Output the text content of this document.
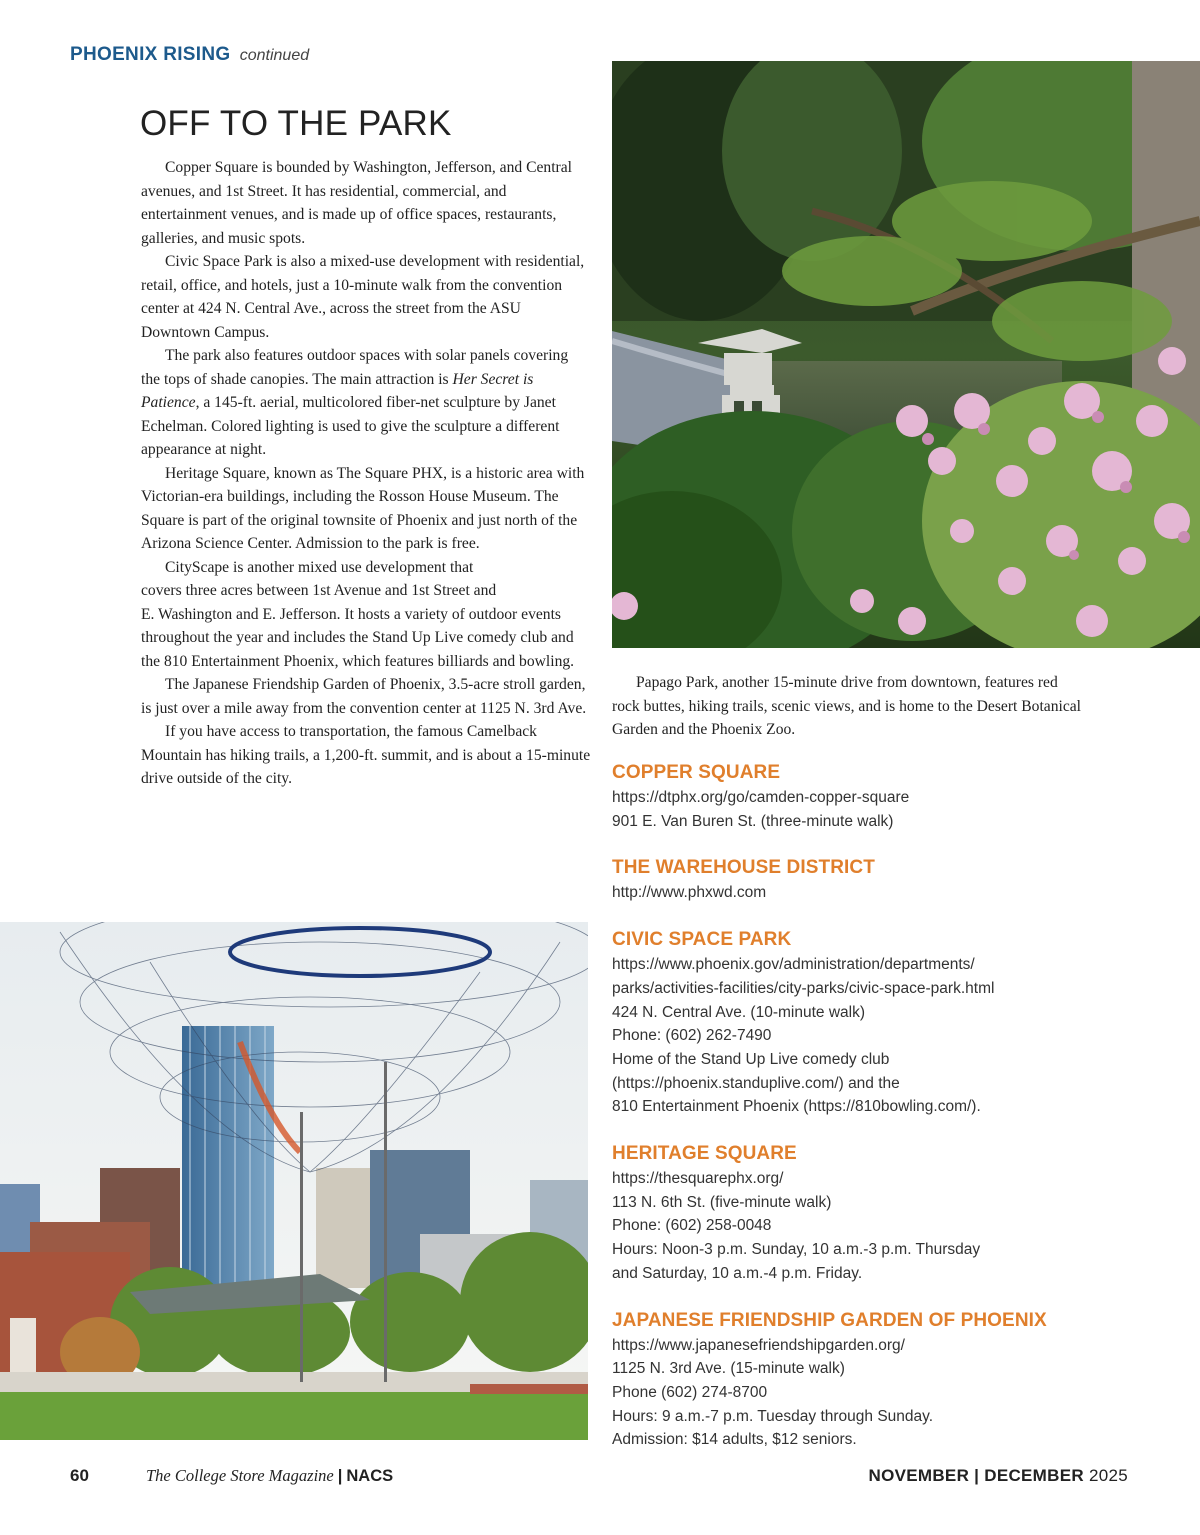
PHOENIX RISING continued
OFF TO THE PARK

Copper Square is bounded by Washington, Jefferson, and Central avenues, and 1st Street. It has residential, commercial, and entertainment venues, and is made up of office spaces, restaurants, galleries, and music spots.

Civic Space Park is also a mixed-use development with residential, retail, office, and hotels, just a 10-minute walk from the convention center at 424 N. Central Ave., across the street from the ASU Downtown Campus.

The park also features outdoor spaces with solar panels covering the tops of shade canopies. The main attraction is Her Secret is Patience, a 145-ft. aerial, multicolored fiber-net sculpture by Janet Echelman. Colored lighting is used to give the sculpture a different appearance at night.

Heritage Square, known as The Square PHX, is a historic area with Victorian-era buildings, including the Rosson House Museum. The Square is part of the original townsite of Phoenix and just north of the Arizona Science Center. Admission to the park is free.

CityScape is another mixed use development that

covers three acres between 1st Avenue and 1st Street and
E. Washington and E. Jefferson. It hosts a variety of outdoor events throughout the year and includes the Stand Up Live comedy club and the 810 Entertainment Phoenix, which features billiards and bowling.

The Japanese Friendship Garden of Phoenix, 3.5-acre stroll garden, is just over a mile away from the convention center at 1125 N. 3rd Ave.

If you have access to transportation, the famous Camelback Mountain has hiking trails, a 1,200-ft. summit, and is about a 15-minute drive outside of the city.

Papago Park, another 15-minute drive from downtown, features red rock buttes, hiking trails, scenic views, and is home to the Desert Botanical Garden and the Phoenix Zoo.

COPPER SQUARE
https://dtphx.org/go/camden-copper-square
901 E. Van Buren St. (three-minute walk)
THE WAREHOUSE DISTRICT
http://www.phxwd.com
CIVIC SPACE PARK
https://www.phoenix.gov/administration/departments/
parks/activities-facilities/city-parks/civic-space-park.html
424 N. Central Ave. (10-minute walk)
Phone: (602) 262-7490
Home of the Stand Up Live comedy club
(https://phoenix.standuplive.com/) and the
810 Entertainment Phoenix (https://810bowling.com/).
HERITAGE SQUARE
https://thesquarephx.org/
113 N. 6th St. (five-minute walk)
Phone: (602) 258-0048
Hours: Noon-3 p.m. Sunday, 10 a.m.-3 p.m. Thursday
and Saturday, 10 a.m.-4 p.m. Friday.
JAPANESE FRIENDSHIP GARDEN OF PHOENIX
https://www.japanesefriendshipgarden.org/
1125 N. 3rd Ave. (15-minute walk)
Phone (602) 274-8700
Hours: 9 a.m.-7 p.m. Tuesday through Sunday.
Admission: $14 adults, $12 seniors.
60	The College Store Magazine | NACS	NOVEMBER | DECEMBER 2025
